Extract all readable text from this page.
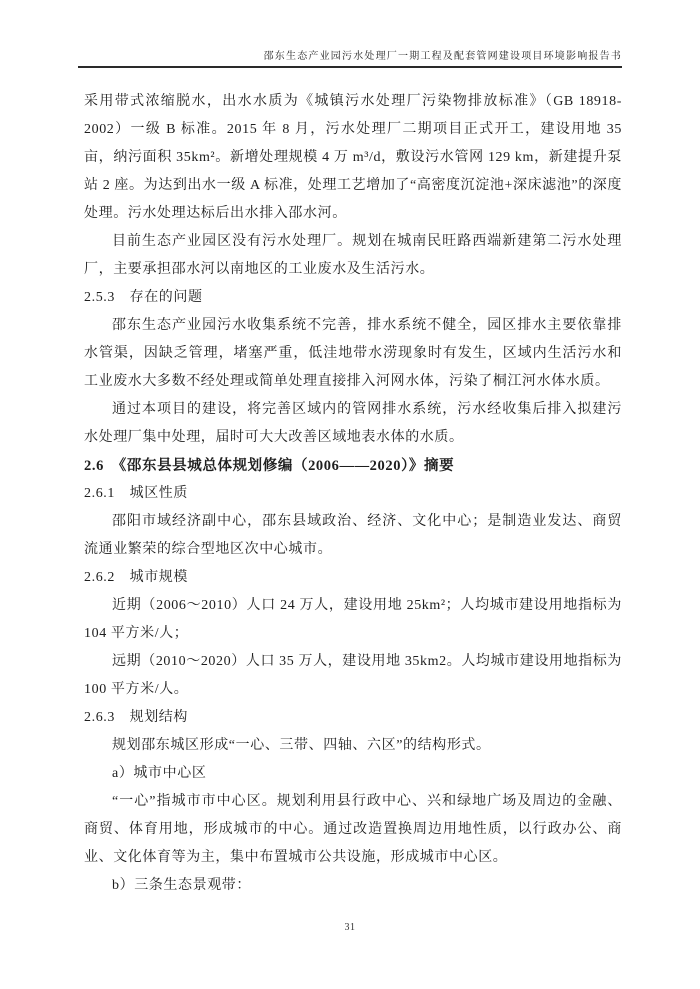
邵东生态产业园污水处理厂一期工程及配套管网建设项目环境影响报告书
采用带式浓缩脱水，出水水质为《城镇污水处理厂污染物排放标准》（GB 18918-2002）一级 B 标准。2015 年 8 月，污水处理厂二期项目正式开工，建设用地 35 亩，纳污面积 35km²。新增处理规模 4 万 m³/d，敷设污水管网 129 km，新建提升泵站 2 座。为达到出水一级 A 标准，处理工艺增加了“高密度沉淀池+深床滤池”的深度处理。污水处理达标后出水排入邵水河。
目前生态产业园区没有污水处理厂。规划在城南民旺路西端新建第二污水处理厂，主要承担邵水河以南地区的工业废水及生活污水。
2.5.3　存在的问题
邵东生态产业园污水收集系统不完善，排水系统不健全，园区排水主要依靠排水管渠，因缺乏管理，堵塞严重，低洼地带水涝现象时有发生，区域内生活污水和工业废水大多数不经处理或简单处理直接排入河网水体，污染了桐江河水体水质。
通过本项目的建设，将完善区域内的管网排水系统，污水经收集后排入拟建污水处理厂集中处理，届时可大大改善区域地表水体的水质。
2.6　《邵东县县城总体规划修编（2006——2020）》摘要
2.6.1　城区性质
邵阳市域经济副中心，邵东县域政治、经济、文化中心；是制造业发达、商贸流通业繁荣的综合型地区次中心城市。
2.6.2　城市规模
近期（2006～2010）人口 24 万人，建设用地 25km²；人均城市建设用地指标为 104 平方米/人；
远期（2010～2020）人口 35 万人，建设用地 35km2。人均城市建设用地指标为 100 平方米/人。
2.6.3　规划结构
规划邵东城区形成“一心、三带、四轴、六区”的结构形式。
a）城市中心区
“一心”指城市市中心区。规划利用县行政中心、兴和绿地广场及周边的金融、商贸、体育用地，形成城市的中心。通过改造置换周边用地性质，以行政办公、商业、文化体育等为主，集中布置城市公共设施，形成城市中心区。
b）三条生态景观带：
31
